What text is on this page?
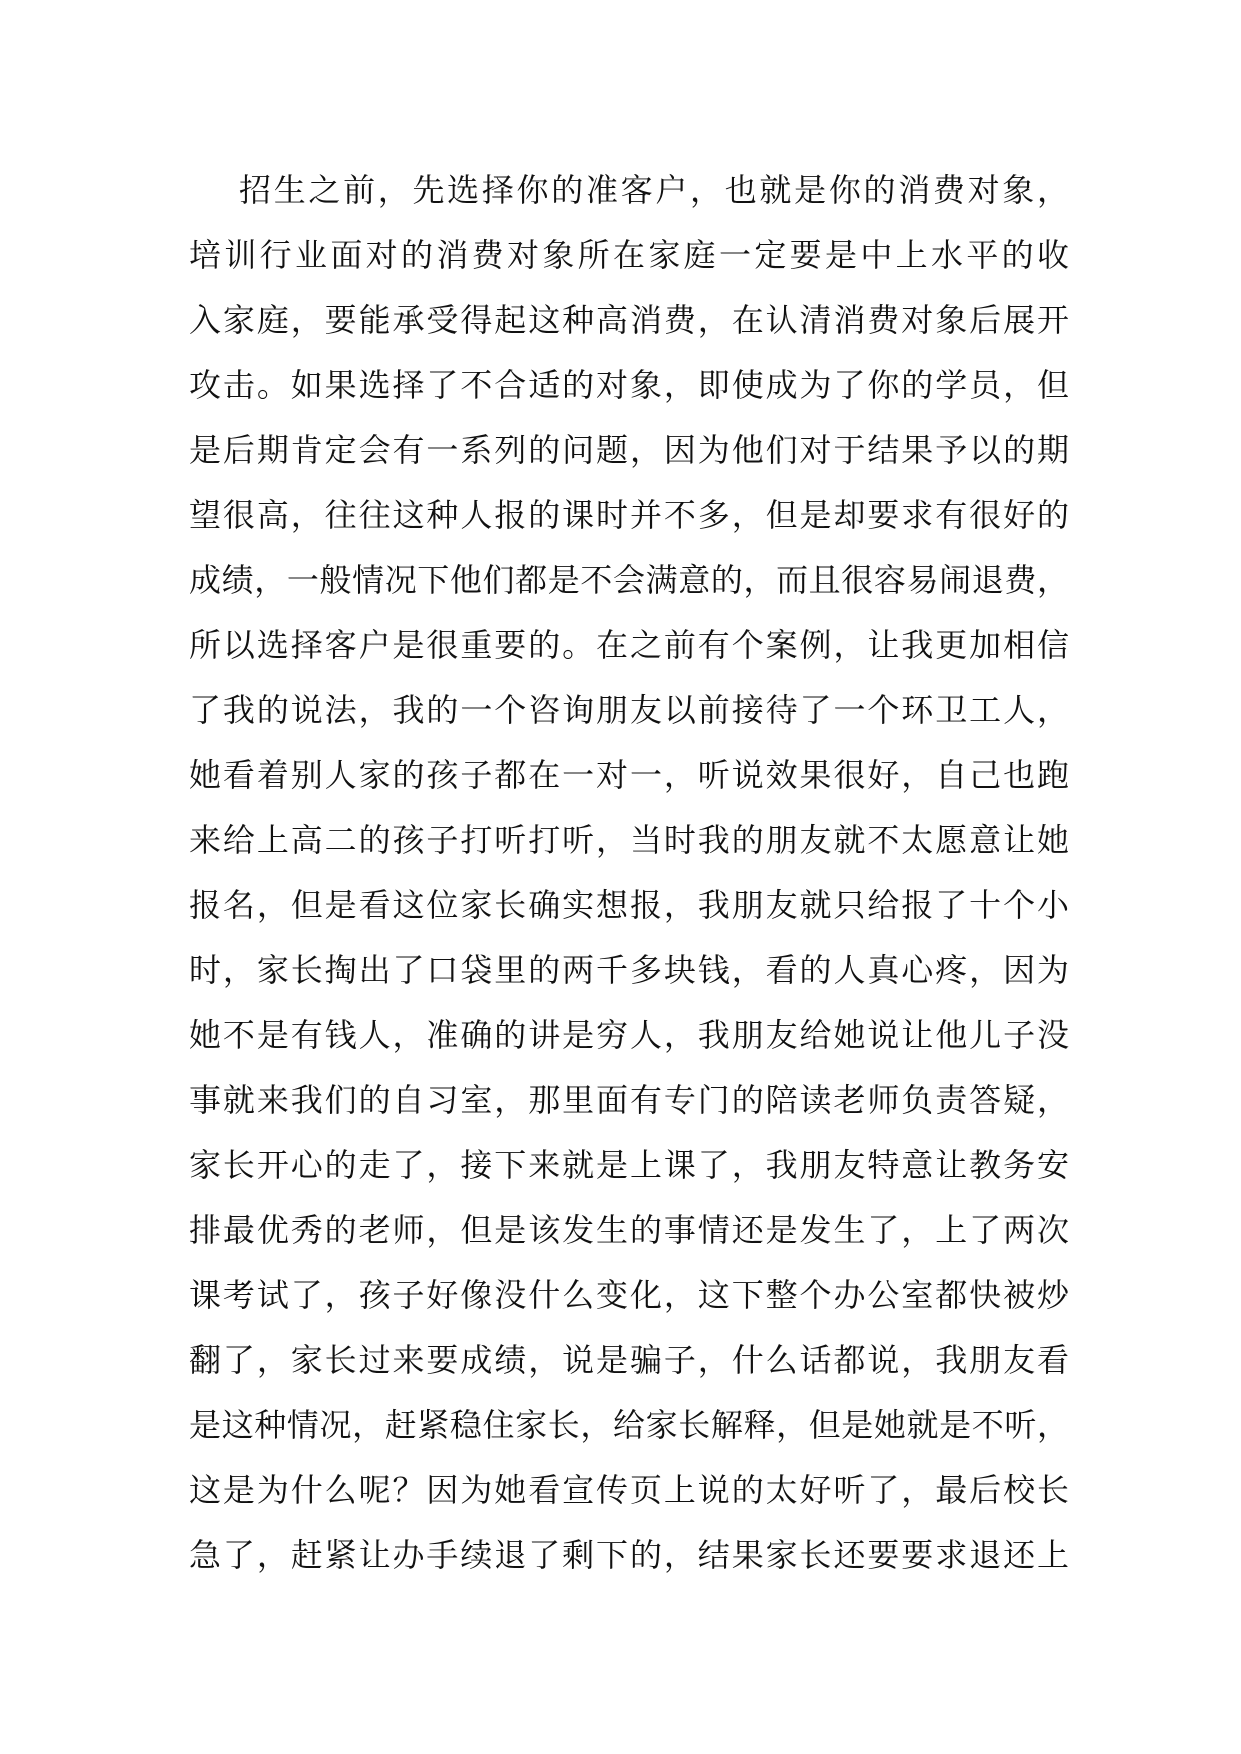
招生之前，先选择你的准客户，也就是你的消费对象，
培训行业面对的消费对象所在家庭一定要是中上水平的收
入家庭，要能承受得起这种高消费，在认清消费对象后展开
攻击。如果选择了不合适的对象，即使成为了你的学员，但
是后期肯定会有一系列的问题，因为他们对于结果予以的期
望很高，往往这种人报的课时并不多，但是却要求有很好的
成绩，一般情况下他们都是不会满意的，而且很容易闹退费，
所以选择客户是很重要的。在之前有个案例，让我更加相信
了我的说法，我的一个咨询朋友以前接待了一个环卫工人，
她看着别人家的孩子都在一对一，听说效果很好，自己也跑
来给上高二的孩子打听打听，当时我的朋友就不太愿意让她
报名，但是看这位家长确实想报，我朋友就只给报了十个小
时，家长掏出了口袋里的两千多块钱，看的人真心疼，因为
她不是有钱人，准确的讲是穷人，我朋友给她说让他儿子没
事就来我们的自习室，那里面有专门的陪读老师负责答疑，
家长开心的走了，接下来就是上课了，我朋友特意让教务安
排最优秀的老师，但是该发生的事情还是发生了，上了两次
课考试了，孩子好像没什么变化，这下整个办公室都快被炒
翻了，家长过来要成绩，说是骗子，什么话都说，我朋友看
是这种情况，赶紧稳住家长，给家长解释，但是她就是不听，
这是为什么呢？因为她看宣传页上说的太好听了，最后校长
急了，赶紧让办手续退了剩下的，结果家长还要要求退还上
